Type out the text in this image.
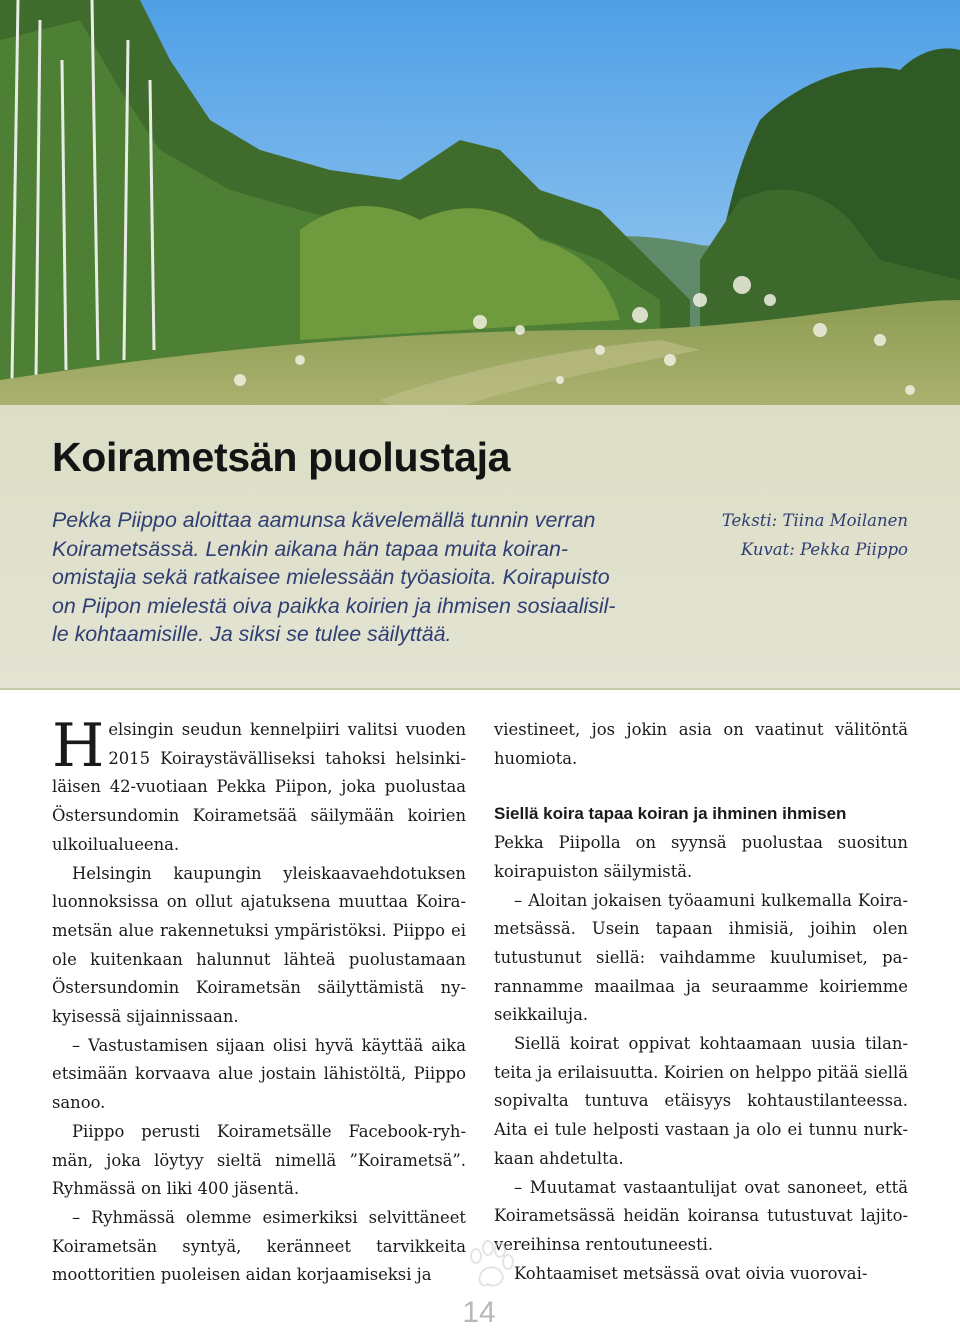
Koirametsän puolustaja
Pekka Piippo aloittaa aamunsa kävelemällä tunnin verran
Koirametsässä. Lenkin aikana hän tapaa muita koiran-
omistajia sekä ratkaisee mielessään työasioita. Koirapuisto
on Piipon mielestä oiva paikka koirien ja ihmisen sosiaalisil-
le kohtaamisille. Ja siksi se tulee säilyttää.
Teksti: Tiina Moilanen
Kuvat: Pekka Piippo

Helsingin seudun kennelpiiri valitsi vuoden 2015 Koiraystävälliseksi tahoksi helsinkiläisen 42-vuotiaan Pekka Piipon, joka puolustaa Östersundomin Koirametsää säilymään koirien ulkoilualueena.

Helsingin kaupungin yleiskaavaehdotuksen luonnoksissa on ollut ajatuksena muuttaa Koirametsän alue rakennetuksi ympäristöksi. Piippo ei ole kuitenkaan halunnut lähteä puolustamaan Östersundomin Koirametsän säilyttämistä nykyisessä sijainnissaan.

– Vastustamisen sijaan olisi hyvä käyttää aika etsimään korvaava alue jostain lähistöltä, Piippo sanoo.

Piippo perusti Koirametsälle Facebook-ryhmän, joka löytyy sieltä nimellä ”Koirametsä”. Ryhmässä on liki 400 jäsentä.

– Ryhmässä olemme esimerkiksi selvittäneet Koirametsän syntyä, keränneet tarvikkeita moottoritien puoleisen aidan korjaamiseksi ja

viestineet, jos jokin asia on vaatinut välitöntä huomiota.

Siellä koira tapaa koiran ja ihminen ihmisen

Pekka Piipolla on syynsä puolustaa suositun koirapuiston säilymistä.

– Aloitan jokaisen työaamuni kulkemalla Koirametsässä. Usein tapaan ihmisiä, joihin olen tutustunut siellä: vaihdamme kuulumiset, parannamme maailmaa ja seuraamme koiriemme seikkailuja.

Siellä koirat oppivat kohtaamaan uusia tilanteita ja erilaisuutta. Koirien on helppo pitää siellä sopivalta tuntuva etäisyys kohtaustilanteessa. Aita ei tule helposti vastaan ja olo ei tunnu nurkkaan ahdetulta.

– Muutamat vastaantulijat ovat sanoneet, että Koirametsässä heidän koiransa tutustuvat lajitovereihinsa rentoutuneesti.

Kohtaamiset metsässä ovat oivia vuorovai-

14
